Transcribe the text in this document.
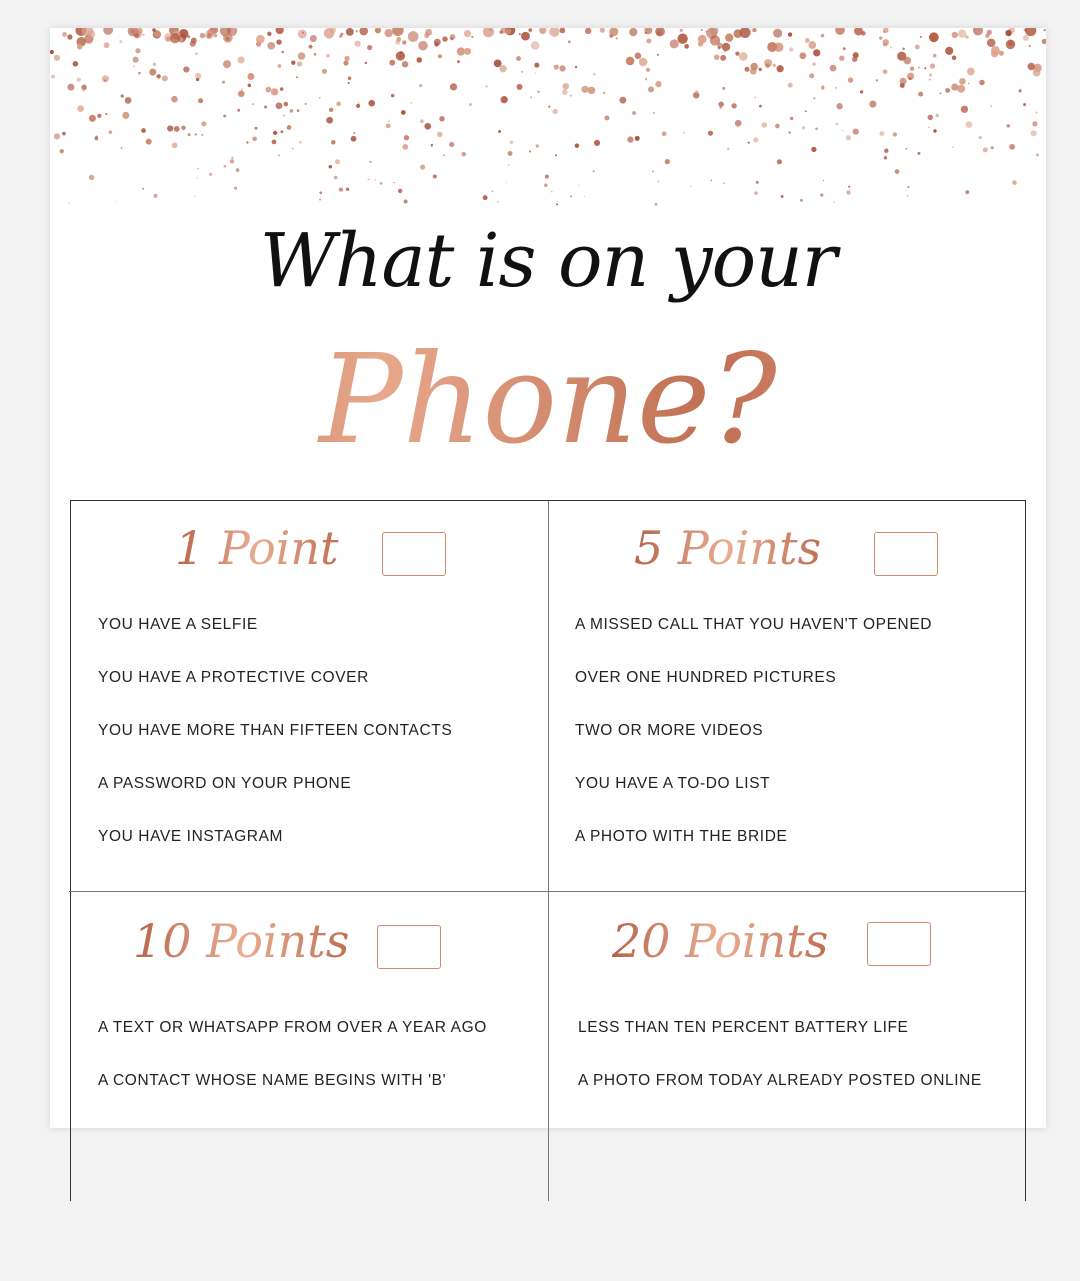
What is on your
Phone?
1 Point
YOU HAVE A SELFIE
YOU HAVE A PROTECTIVE COVER
YOU HAVE MORE THAN FIFTEEN CONTACTS
A PASSWORD ON YOUR PHONE
YOU HAVE INSTAGRAM
5 Points
A MISSED CALL THAT YOU HAVEN'T OPENED
OVER ONE HUNDRED PICTURES
TWO OR MORE VIDEOS
YOU HAVE A TO-DO LIST
A PHOTO WITH THE BRIDE
10 Points
A TEXT OR WHATSAPP FROM OVER A YEAR AGO
A CONTACT WHOSE NAME BEGINS WITH 'B'
20 Points
LESS THAN TEN PERCENT BATTERY LIFE
A PHOTO FROM TODAY ALREADY POSTED ONLINE
